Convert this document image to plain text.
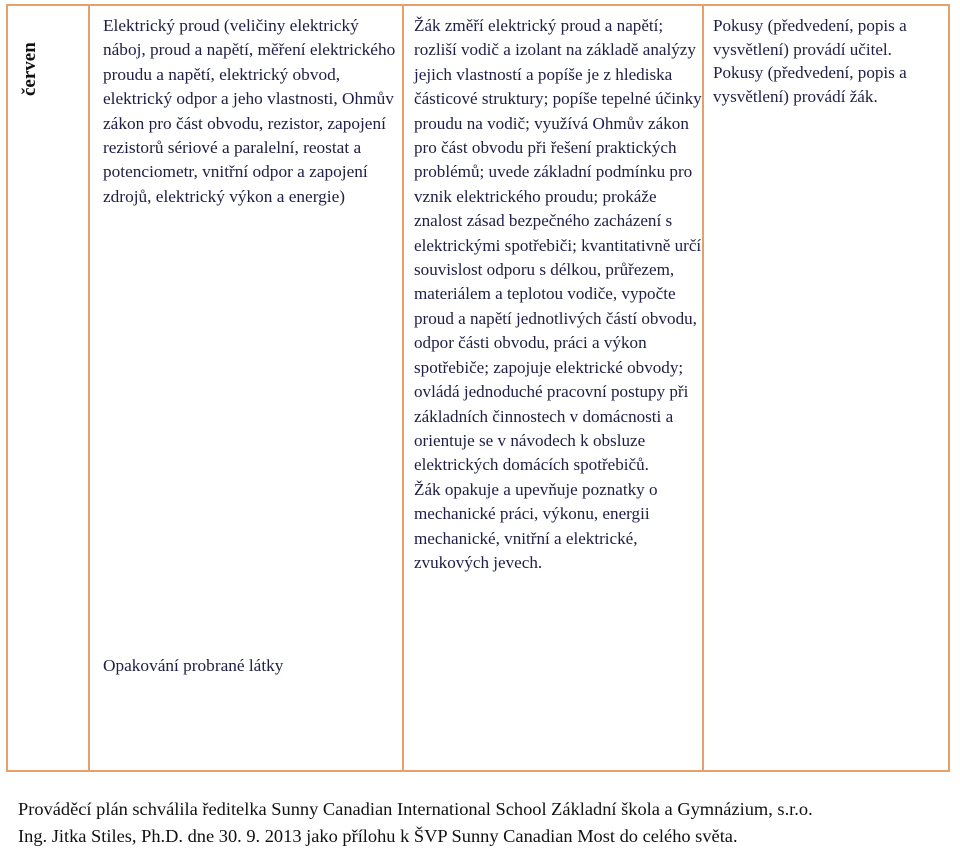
červen
Elektrický proud (veličiny elektrický náboj, proud a napětí, měření elektrického proudu a napětí, elektrický obvod, elektrický odpor a jeho vlastnosti, Ohmův zákon pro část obvodu, rezistor, zapojení rezistorů sériové a paralelní, reostat a potenciometr, vnitřní odpor a zapojení zdrojů, elektrický výkon a energie)
Opakování probrané látky
Žák změří elektrický proud a napětí; rozliší vodič a izolant na základě analýzy jejich vlastností a popíše je z hlediska částicové struktury; popíše tepelné účinky proudu na vodič; využívá Ohmův zákon pro část obvodu při řešení praktických problémů; uvede základní podmínku pro vznik elektrického proudu; prokáže znalost zásad bezpečného zacházení s elektrickými spotřebiči; kvantitativně určí souvislost odporu s délkou, průřezem, materiálem a teplotou vodiče, vypočte proud a napětí jednotlivých částí obvodu, odpor části obvodu, práci a výkon spotřebiče; zapojuje elektrické obvody; ovládá jednoduché pracovní postupy při základních činnostech v domácnosti a orientuje se v návodech k obsluze elektrických domácích spotřebičů.
Žák opakuje a upevňuje poznatky o mechanické práci, výkonu, energii mechanické, vnitřní a elektrické, zvukových jevech.
Pokusy (předvedení, popis a vysvětlení) provádí učitel.
Pokusy (předvedení, popis a vysvětlení) provádí žák.
Prováděcí plán schválila ředitelka Sunny Canadian International School Základní škola a Gymnázium, s.r.o.
Ing. Jitka Stiles, Ph.D. dne 30. 9. 2013 jako přílohu k ŠVP Sunny Canadian Most do celého světa.
